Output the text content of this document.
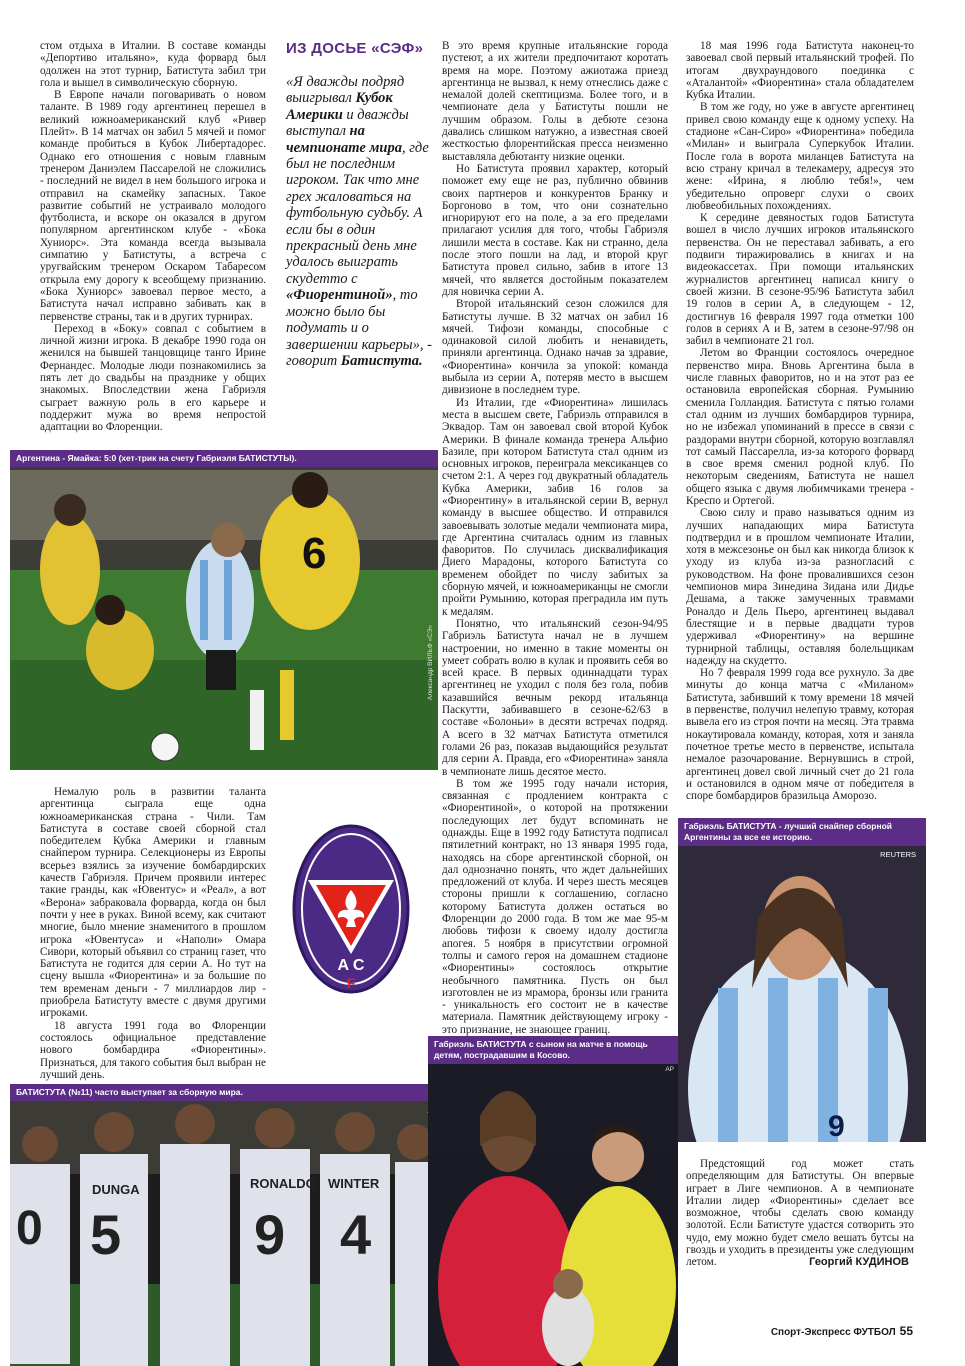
стом отдыха в Италии. В составе команды «Депортиво итальяно», куда форвард был одолжен на этот турнир, Батистута забил три гола и вышел в символическую сборную.

В Европе начали поговаривать о новом таланте. В 1989 году аргентинец перешел в великий южноамериканский клуб «Ривер Плейт». В 14 матчах он забил 5 мячей и помог команде пробиться в Кубок Либертадорес. Однако его отношения с новым главным тренером Даниэлем Пассарелой не сложились - последний не видел в нем большого игрока и отправил на скамейку запасных. Такое развитие событий не устраивало молодого футболиста, и вскоре он оказался в другом популярном аргентинском клубе - «Бока Хуниорс». Эта команда всегда вызывала симпатию у Батистуты, а встреча с уругвайским тренером Оскаром Табаресом открыла ему дорогу к всеобщему признанию. «Бока Хуниорс» завоевал первое место, а Батистута начал исправно забивать как в первенстве страны, так и в других турнирах.

Переход в «Боку» совпал с событием в личной жизни игрока. В декабре 1990 года он женился на бывшей танцовщице танго Ирине Фернандес. Молодые люди познакомились за пять лет до свадьбы на празднике у общих знакомых. Впоследствии жена Габриэля сыграет важную роль в его карьере и поддержит мужа во время непростой адаптации во Флоренции.

ИЗ ДОСЬЕ «СЭФ»
«Я дважды подряд выигрывал Кубок Америки и дважды выступал на чемпионате мира, где был не последним игроком. Так что мне грех жаловаться на футбольную судьбу. А если бы в один прекрасный день мне удалось выиграть скудетто с «Фиорентиной», то можно было бы подумать и о завершении карьеры», - говорит Батистута.

В это время крупные итальянские города пустеют, а их жители предпочитают коротать время на море. Поэтому ажиотажа приезд аргентинца не вызвал, к нему отнеслись даже с немалой долей скептицизма. Более того, и в чемпионате дела у Батистуты пошли не лучшим образом. Голы в дебюте сезона давались слишком натужно, а известная своей жесткостью флорентийская пресса неизменно выставляла дебютанту низкие оценки.

Но Батистута проявил характер, который поможет ему еще не раз, публично обвинив своих партнеров и конкурентов Бранку и Боргоново в том, что они сознательно игнорируют его на поле, а за его пределами прилагают усилия для того, чтобы Габриэля лишили места в составе. Как ни странно, дела после этого пошли на лад, и второй круг Батистута провел сильно, забив в итоге 13 мячей, что является достойным показателем для новичка серии А.

Второй итальянский сезон сложился для Батистуты лучше. В 32 матчах он забил 16 мячей. Тифози команды, способные с одинаковой силой любить и ненавидеть, приняли аргентинца. Однако начав за здравие, «Фиорентина» кончила за упокой: команда выбыла из серии А, потеряв место в высшем дивизионе в последнем туре.

Из Италии, где «Фиорентина» лишилась места в высшем свете, Габриэль отправился в Эквадор. Там он завоевал свой второй Кубок Америки. В финале команда тренера Альфио Базиле, при котором Батистута стал одним из основных игроков, переиграла мексиканцев со счетом 2:1. А через год двукратный обладатель Кубка Америки, забив 16 голов за «Фиорентину» в итальянской серии B, вернул команду в высшее общество. И отправился завоевывать золотые медали чемпионата мира, где Аргентина считалась одним из главных фаворитов. По случилась дисквалификация Диего Марадоны, которого Батистута со временем обойдет по числу забитых за сборную мячей, и южноамериканцы не смогли пройти Румынию, которая преградила им путь к медалям.

Понятно, что итальянский сезон-94/95 Габриэль Батистута начал не в лучшем настроении, но именно в такие моменты он умеет собрать волю в кулак и проявить себя во всей красе. В первых одиннадцати турах аргентинец не уходил с поля без гола, побив казавшийся вечным рекорд итальянца Паскутти, забивавшего в сезоне-62/63 в составе «Болоньи» в десяти встречах подряд. А всего в 32 матчах Батистута отметился голами 26 раз, показав выдающийся результат для серии А. Правда, его «Фиорентина» заняла в чемпионате лишь десятое место.

В том же 1995 году начали история, связанная с продлением контракта с «Фиорентиной», о которой на протяжении последующих лет будут вспоминать не однажды. Еще в 1992 году Батистута подписал пятилетний контракт, но 13 января 1995 года, находясь на сборе аргентинской сборной, он дал однозначно понять, что ждет дальнейших предложений от клуба. И через шесть месяцев стороны пришли к соглашению, согласно которому Батистута должен остаться во Флоренции до 2000 года. В том же мае 95-м любовь тифози к своему идолу достигла апогея. 5 ноября в присутствии огромной толпы и самого героя на домашнем стадионе «Фиорентины» состоялось открытие необычного памятника. Пусть он был изготовлен не из мрамора, бронзы или гранита - уникальность его состоит не в качестве материала. Памятник действующему игроку - это признание, не знающее границ.

18 мая 1996 года Батистута наконец-то завоевал свой первый итальянский трофей. По итогам двухраундового поединка с «Аталантой» «Фиорентина» стала обладателем Кубка Италии.

В том же году, но уже в августе аргентинец привел свою команду еще к одному успеху. На стадионе «Сан-Сиро» «Фиорентина» победила «Милан» и выиграла Суперкубок Италии. После гола в ворота миланцев Батистута на всю страну кричал в телекамеру, адресуя это жене: «Ирина, я люблю тебя!», чем убедительно опроверг слухи о своих любвеобильных похождениях.

К середине девяностых годов Батистута вошел в число лучших игроков итальянского первенства. Он не переставал забивать, а его подвиги тиражировались в книгах и на видеокассетах. При помощи итальянских журналистов аргентинец написал книгу о своей жизни. В сезоне-95/96 Батистута забил 19 голов в серии А, в следующем - 12, достигнув 16 февраля 1997 года отметки 100 голов в сериях А и В, затем в сезоне-97/98 он забил в чемпионате 21 гол.

Летом во Франции состоялось очередное первенство мира. Вновь Аргентина была в числе главных фаворитов, но и на этот раз ее остановила европейская сборная. Румынию сменила Голландия. Батистута с пятью голами стал одним из лучших бомбардиров турнира, но не избежал упоминаний в прессе в связи с раздорами внутри сборной, которую возглавлял тот самый Пассарелла, из-за которого форвард в свое время сменил родной клуб. По некоторым сведениям, Батистута не нашел общего языка с двумя любимчиками тренера - Креспо и Ортегой.

Свою силу и право называться одним из лучших нападающих мира Батистута подтвердил и в прошлом чемпионате Италии, хотя в межсезонье он был как никогда близок к уходу из клуба из-за разногласий с руководством. На фоне провалившихся сезон чемпионов мира Зинедина Зидана или Дидье Дешама, а также замученных травмами Роналдо и Дель Пьеро, аргентинец выдавал блестящие и в первые двадцати туров удерживал «Фиорентину» на вершине турнирной таблицы, оставляя болельщикам надежду на скудетто.

Но 7 февраля 1999 года все рухнуло. За две минуты до конца матча с «Миланом» Батистута, забивший к тому времени 18 мячей в первенстве, получил нелепую травму, которая вывела его из строя почти на месяц. Эта травма нокаутировала команду, которая, хотя и заняла почетное третье место в первенстве, испытала немалое разочарование. Вернувшись в строй, аргентинец довел свой личный счет до 21 гола и остановился в одном мяче от победителя в споре бомбардиров бразильца Аморозо.

6
Аргентина - Ямайка: 5:0 (хет-трик на счету Габриэля БАТИСТУТЫ).
Александр ВИЛЬФ «СЭ»

Немалую роль в развитии таланта аргентинца сыграла еще одна южноамериканская страна - Чили. Там Батистута в составе своей сборной стал победителем Кубка Америки и главным снайпером турнира. Селекционеры из Европы всерьез взялись за изучение бомбардирских качеств Габриэля. Причем проявили интерес такие гранды, как «Ювентус» и «Реал», а вот «Верона» забраковала форварда, когда он был почти у нее в руках. Виной всему, как считают многие, было мнение знаменитого в прошлом игрока «Ювентуса» и «Наполи» Омара Сивори, который объявил со страниц газет, что Батистута не годится для серии А. Но тут на сцену вышла «Фиорентина» и за большие по тем временам деньги - 7 миллиардов лир - приобрела Батистуту вместе с двумя другими игроками.

18 августа 1991 года во Флоренции состоялось официальное представление нового бомбардира «Фиорентины». Признаться, для такого события был выбран не лучший день.

A C
F
DUNGA	RONALDO WINTER
5 9 4
0
БАТИСТУТА (№11) часто выступает за сборную мира.
Габриэль БАТИСТУТА с сыном на матче в помощь детям, пострадавшим в Косово.
AP
9
Габриэль БАТИСТУТА - лучший снайпер сборной Аргентины за все ее историю.
REUTERS

Предстоящий год может стать определяющим для Батистуты. Он впервые играет в Лиге чемпионов. А в чемпионате Италии лидер «Фиорентины» сделает все возможное, чтобы сделать свою команду золотой. Если Батистуте удастся сотворить это чудо, ему можно будет смело вешать бутсы на гвоздь и уходить в президенты уже следующим летом.	Георгий КУДИНОВ
Спорт-Экспресс ФУТБОЛ 55
